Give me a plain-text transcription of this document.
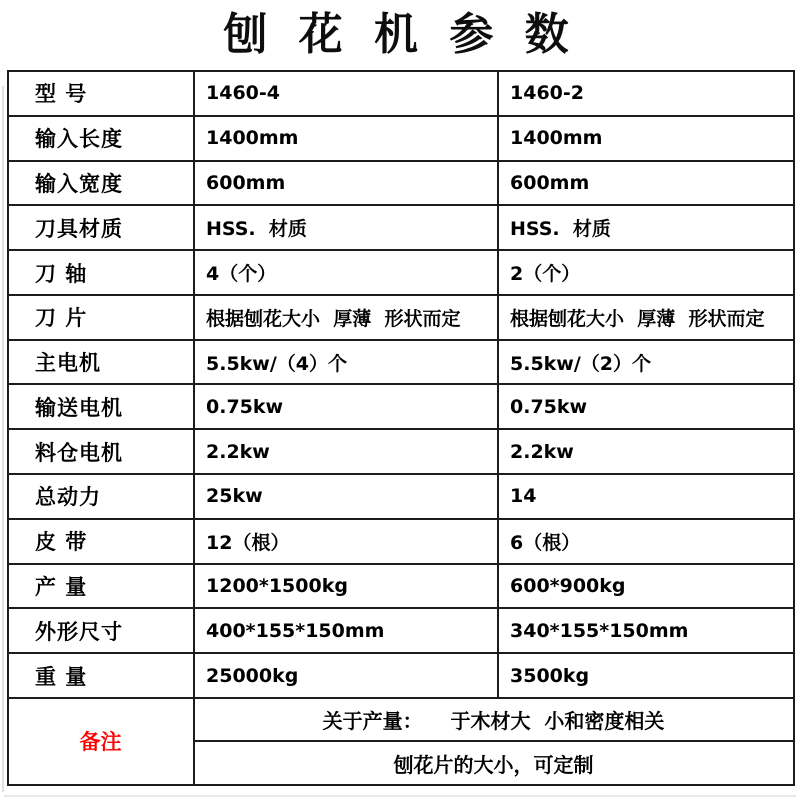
刨 花 机 参 数
型 号	1460-4	1460-2
输入长度	1400mm	1400mm
输入宽度	600mm	600mm
刀具材质	HSS.  材质	HSS.  材质
刀 轴	4（个）	2（个）
刀 片	根据刨花大小  厚薄  形状而定	根据刨花大小  厚薄  形状而定
主电机	5.5kw/（4）个	5.5kw/（2）个
输送电机	0.75kw	0.75kw
料仓电机	2.2kw	2.2kw
总动力	25kw	14
皮 带	12（根）	6（根）
产 量	1200*1500kg	600*900kg
外形尺寸	400*155*150mm	340*155*150mm
重 量	25000kg	3500kg
备注	关于产量：    于木材大  小和密度相关	
	刨花片的大小，可定制	
